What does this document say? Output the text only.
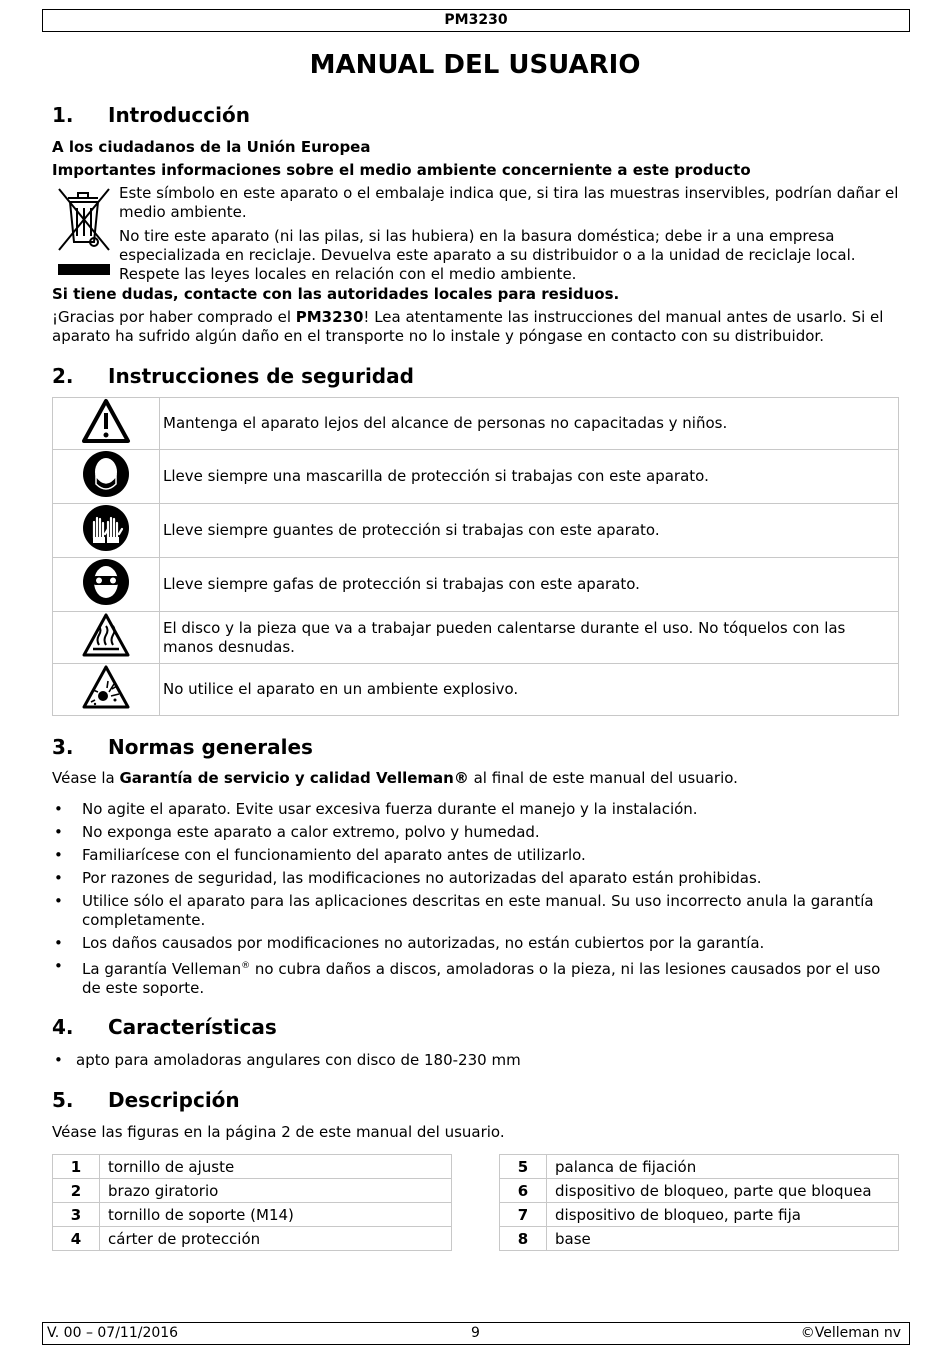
PM3230
MANUAL DEL USUARIO
1. Introducción
A los ciudadanos de la Unión Europea
Importantes informaciones sobre el medio ambiente concerniente a este producto
Este símbolo en este aparato o el embalaje indica que, si tira las muestras inservibles, podrían dañar el medio ambiente.
No tire este aparato (ni las pilas, si las hubiera) en la basura doméstica; debe ir a una empresa especializada en reciclaje. Devuelva este aparato a su distribuidor o a la unidad de reciclaje local. Respete las leyes locales en relación con el medio ambiente.
Si tiene dudas, contacte con las autoridades locales para residuos.
¡Gracias por haber comprado el PM3230! Lea atentamente las instrucciones del manual antes de usarlo. Si el aparato ha sufrido algún daño en el transporte no lo instale y póngase en contacto con su distribuidor.
2. Instrucciones de seguridad
	Mantenga el aparato lejos del alcance de personas no capacitadas y niños.
	Lleve siempre una mascarilla de protección si trabajas con este aparato.
	Lleve siempre guantes de protección si trabajas con este aparato.
	Lleve siempre gafas de protección si trabajas con este aparato.
	El disco y la pieza que va a trabajar pueden calentarse durante el uso. No tóquelos con las manos desnudas.
	No utilice el aparato en un ambiente explosivo.
3. Normas generales
Véase la Garantía de servicio y calidad Velleman® al final de este manual del usuario.
• No agite el aparato. Evite usar excesiva fuerza durante el manejo y la instalación.
• No exponga este aparato a calor extremo, polvo y humedad.
• Familiarícese con el funcionamiento del aparato antes de utilizarlo.
• Por razones de seguridad, las modificaciones no autorizadas del aparato están prohibidas.
• Utilice sólo el aparato para las aplicaciones descritas en este manual. Su uso incorrecto anula la garantía completamente.
• Los daños causados por modificaciones no autorizadas, no están cubiertos por la garantía.
• La garantía Velleman® no cubra daños a discos, amoladoras o la pieza, ni las lesiones causados por el uso de este soporte.
4. Características
• apto para amoladoras angulares con disco de 180-230 mm
5. Descripción
Véase las figuras en la página 2 de este manual del usuario.
1	tornillo de ajuste
2	brazo giratorio
3	tornillo de soporte (M14)
4	cárter de protección
5	palanca de fijación
6	dispositivo de bloqueo, parte que bloquea
7	dispositivo de bloqueo, parte fija
8	base
V. 00 – 07/11/2016	9	©Velleman nv
